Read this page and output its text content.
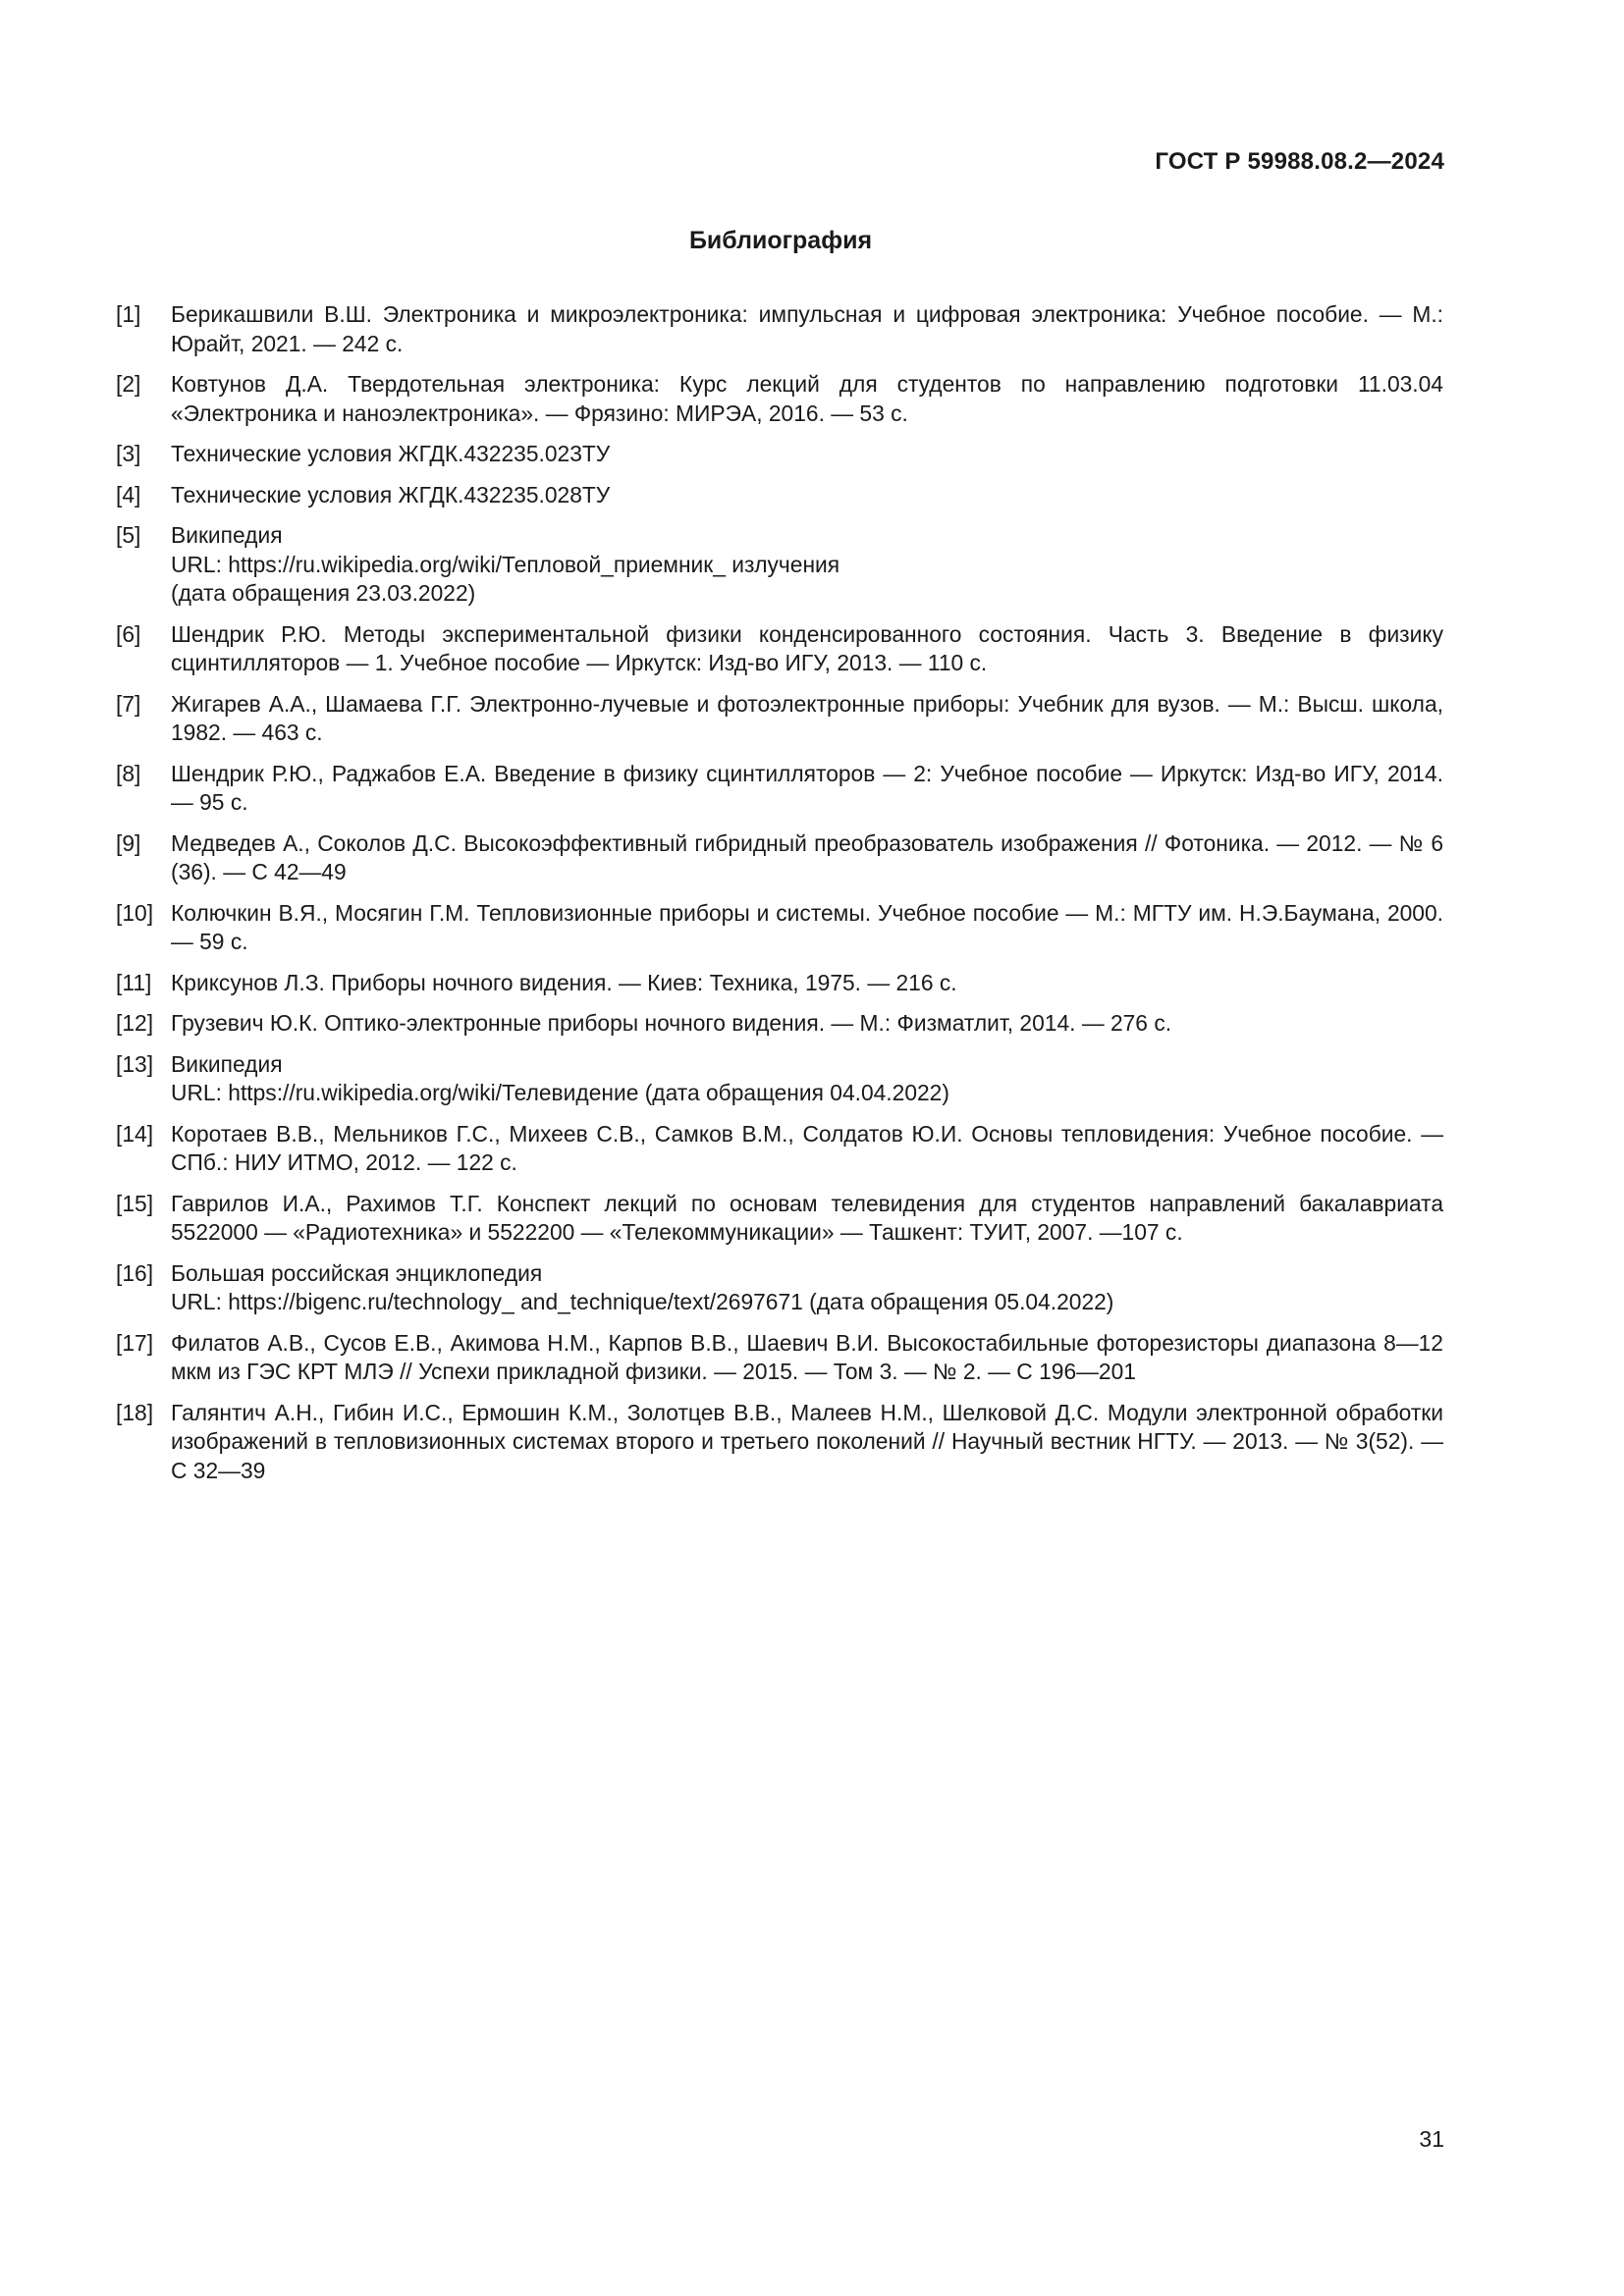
ГОСТ Р 59988.08.2—2024
Библиография
[1]	Берикашвили В.Ш. Электроника и микроэлектроника: импульсная и цифровая электроника: Учебное пособие. — М.: Юрайт, 2021. — 242 с.
[2]	Ковтунов Д.А. Твердотельная электроника: Курс лекций для студентов по направлению подготовки 11.03.04 «Электроника и наноэлектроника». — Фрязино: МИРЭА, 2016. — 53 с.
[3]	Технические условия ЖГДК.432235.023ТУ
[4]	Технические условия ЖГДК.432235.028ТУ
[5]	Википедия
URL: https://ru.wikipedia.org/wiki/Тепловой_приемник_ излучения
(дата обращения 23.03.2022)
[6]	Шендрик Р.Ю. Методы экспериментальной физики конденсированного состояния. Часть 3. Введение в физику сцинтилляторов — 1. Учебное пособие — Иркутск: Изд-во ИГУ, 2013. — 110 с.
[7]	Жигарев А.А., Шамаева Г.Г. Электронно-лучевые и фотоэлектронные приборы: Учебник для вузов. — М.: Высш. школа, 1982. — 463 с.
[8]	Шендрик Р.Ю., Раджабов Е.А. Введение в физику сцинтилляторов — 2: Учебное пособие — Иркутск: Изд-во ИГУ, 2014. — 95 с.
[9]	Медведев А., Соколов Д.С. Высокоэффективный гибридный преобразователь изображения // Фотоника. — 2012. — № 6 (36). — С 42—49
[10] Колючкин В.Я., Мосягин Г.М. Тепловизионные приборы и системы. Учебное пособие — М.: МГТУ им. Н.Э.Баумана, 2000. — 59 с.
[11] Криксунов Л.З. Приборы ночного видения. — Киев: Техника, 1975. — 216 с.
[12] Грузевич Ю.К. Оптико-электронные приборы ночного видения. — М.: Физматлит, 2014. — 276 с.
[13] Википедия
URL: https://ru.wikipedia.org/wiki/Телевидение (дата обращения 04.04.2022)
[14] Коротаев В.В., Мельников Г.С., Михеев С.В., Самков В.М., Солдатов Ю.И. Основы тепловидения: Учебное пособие. — СПб.: НИУ ИТМО, 2012. — 122 с.
[15] Гаврилов И.А., Рахимов Т.Г. Конспект лекций по основам телевидения для студентов направлений бакалавриата 5522000 — «Радиотехника» и 5522200 — «Телекоммуникации» — Ташкент: ТУИТ, 2007. —107 с.
[16] Большая российская энциклопедия
URL: https://bigenc.ru/technology_ and_technique/text/2697671 (дата обращения 05.04.2022)
[17] Филатов А.В., Сусов Е.В., Акимова Н.М., Карпов В.В., Шаевич В.И. Высокостабильные фоторезисторы диапазона 8—12 мкм из ГЭС КРТ МЛЭ // Успехи прикладной физики. — 2015. — Том 3. — № 2. — С 196—201
[18] Галянтич А.Н., Гибин И.С., Ермошин К.М., Золотцев В.В., Малеев Н.М., Шелковой Д.С. Модули электронной обработки изображений в тепловизионных системах второго и третьего поколений // Научный вестник НГТУ. — 2013. — № 3(52). — С 32—39
31
